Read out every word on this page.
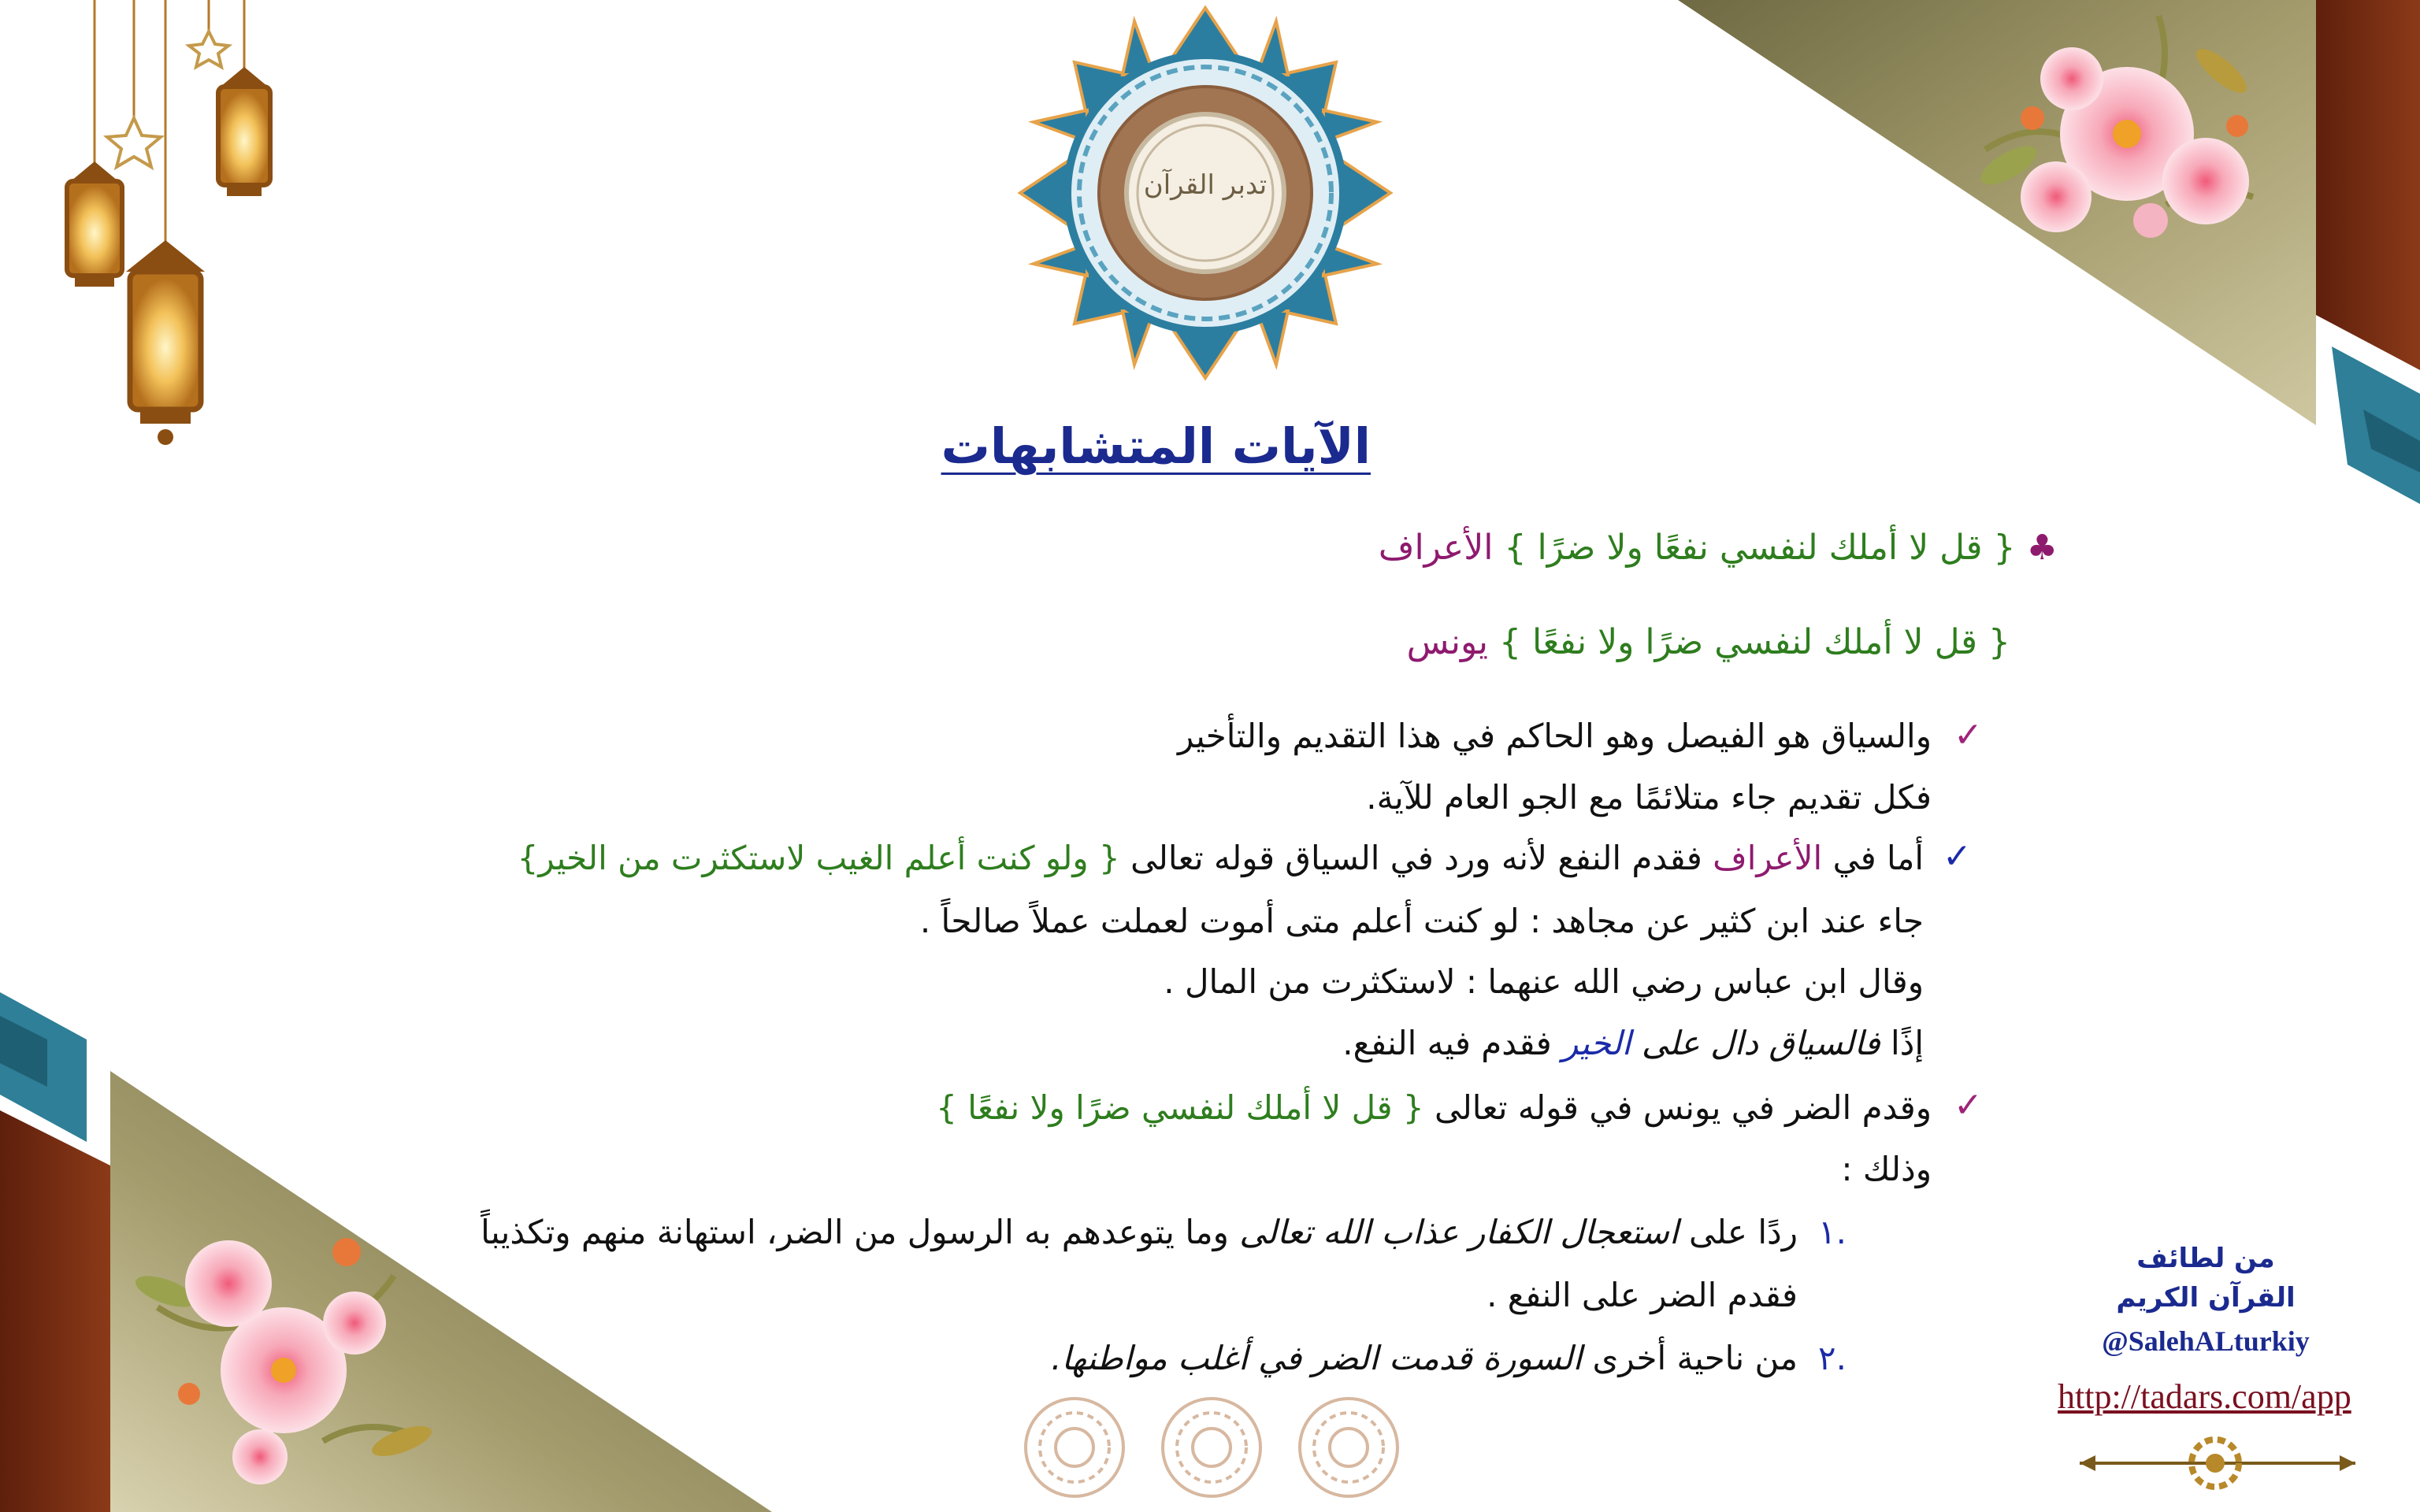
تدبر القرآن
الآيات المتشابهات
♣ { قل لا أملك لنفسي نفعًا ولا ضرًا } الأعراف
{ قل لا أملك لنفسي ضرًا ولا نفعًا } يونس
✓
والسياق هو الفيصل وهو الحاكم في هذا التقديم والتأخير
فكل تقديم جاء متلائمًا مع الجو العام للآية.
✓
أما في الأعراف فقدم النفع لأنه ورد في السياق قوله تعالى { ولو كنت أعلم الغيب لاستكثرت من الخير}
جاء عند ابن كثير عن مجاهد : لو كنت أعلم متى أموت لعملت عملاً صالحاً .
وقال ابن عباس رضي الله عنهما : لاستكثرت من المال .
إذًا فالسياق دال على الخير فقدم فيه النفع.
✓
وقدم الضر في يونس في قوله تعالى { قل لا أملك لنفسي ضرًا ولا نفعًا }
وذلك :
١.
ردًا على استعجال الكفار عذاب الله تعالى وما يتوعدهم به الرسول من الضر، استهانة منهم وتكذيباً
فقدم الضر على النفع .
٢.
من ناحية أخرى السورة قدمت الضر في أغلب مواطنها.
من لطائف
القرآن الكريم
@SalehALturkiy
http://tadars.com/app
